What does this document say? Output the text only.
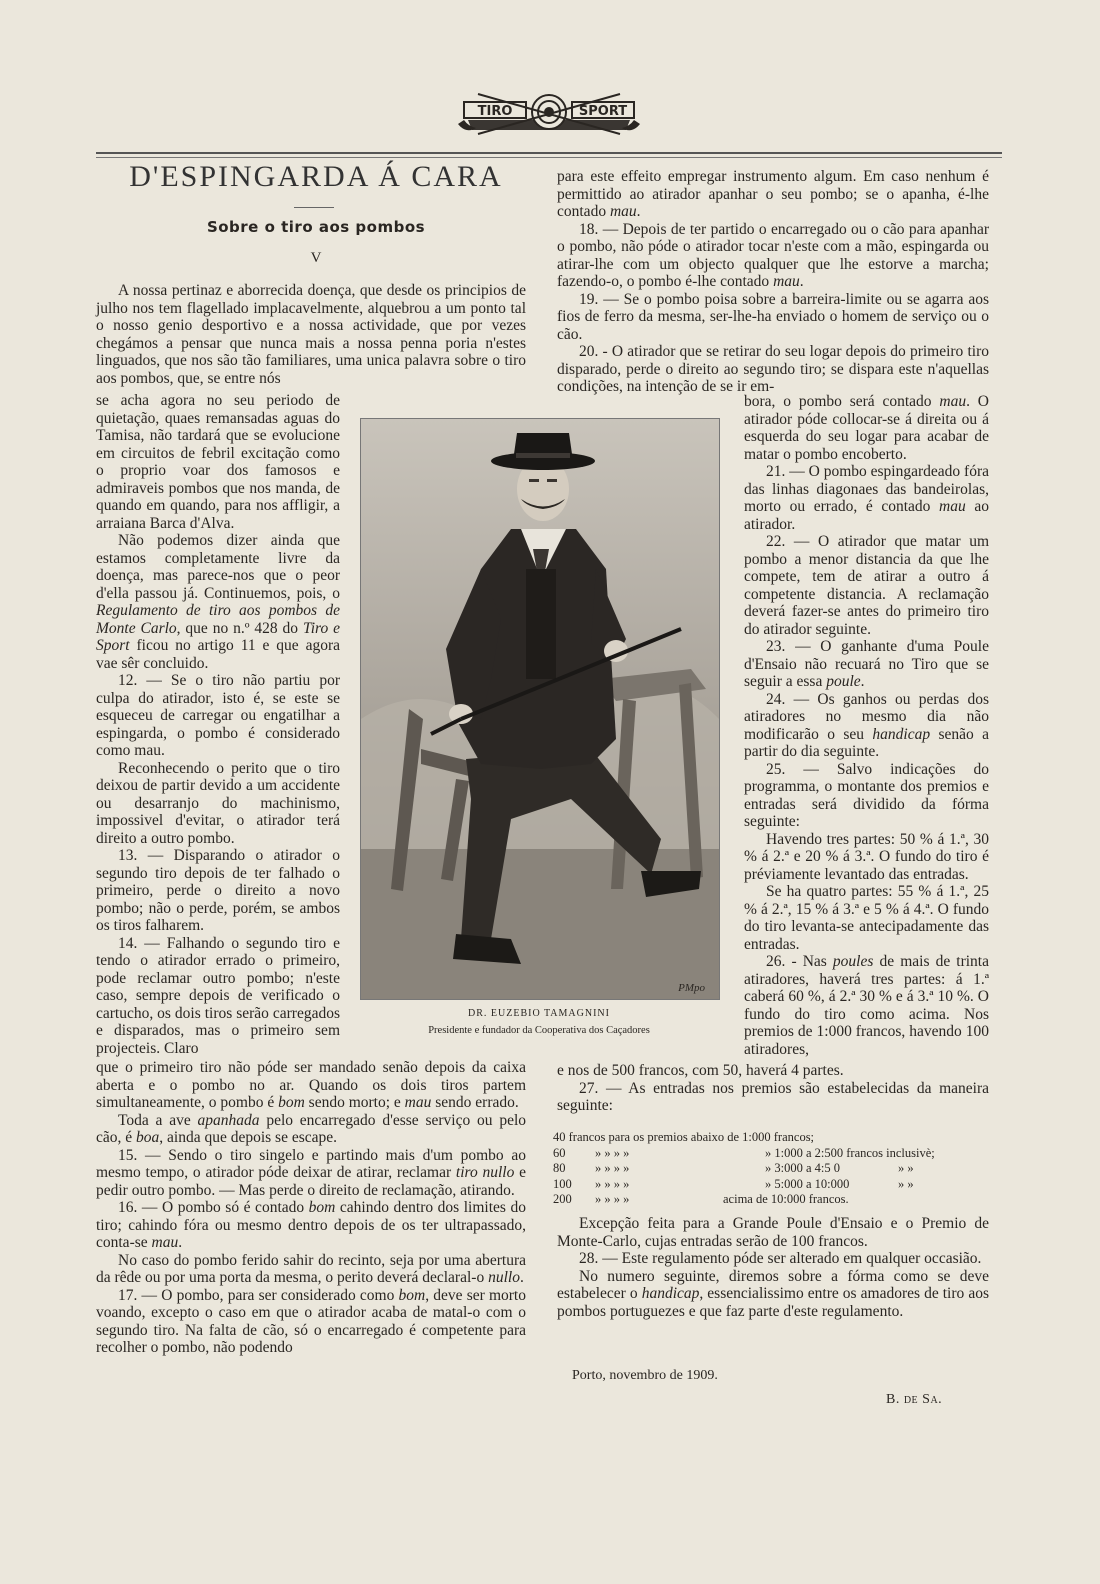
TIRO	SPORT
D'ESPINGARDA Á CARA
Sobre o tiro aos pombos
V

A nossa pertinaz e aborrecida doença, que desde os principios de julho nos tem flagellado implacavelmente, alquebrou a um ponto tal o nosso genio desportivo e a nossa actividade, que por vezes chegámos a pensar que nunca mais a nossa penna poria n'estes linguados, que nos são tão familiares, uma unica palavra sobre o tiro aos pombos, que, se entre nós

se acha agora no seu periodo de quietação, quaes remansadas aguas do Tamisa, não tardará que se evolucione em circuitos de febril excitação como o proprio voar dos famosos e admiraveis pombos que nos manda, de quando em quando, para nos affligir, a arraiana Barca d'Alva.

Não podemos dizer ainda que estamos completamente livre da doença, mas parece-nos que o peor d'ella passou já. Continuemos, pois, o Regulamento de tiro aos pombos de Monte Carlo, que no n.º 428 do Tiro e Sport ficou no artigo 11 e que agora vae sêr concluido.

12. — Se o tiro não partiu por culpa do atirador, isto é, se este se esqueceu de carregar ou engatilhar a espingarda, o pombo é considerado como mau.

Reconhecendo o perito que o tiro deixou de partir devido a um accidente ou desarranjo do machinismo, impossivel d'evitar, o atirador terá direito a outro pombo.

13. — Disparando o atirador o segundo tiro depois de ter falhado o primeiro, perde o direito a novo pombo; não o perde, porém, se ambos os tiros falharem.

14. — Falhando o segundo tiro e tendo o atirador errado o primeiro, pode reclamar outro pombo; n'este caso, sempre depois de verificado o cartucho, os dois tiros serão carregados e disparados, mas o primeiro sem projecteis. Claro

PMpo
DR. EUZEBIO TAMAGNINI
Presidente e fundador da Cooperativa dos Caçadores

que o primeiro tiro não póde ser mandado senão depois da caixa aberta e o pombo no ar. Quando os dois tiros partem simultaneamente, o pombo é bom sendo morto; e mau sendo errado.

Toda a ave apanhada pelo encarregado d'esse serviço ou pelo cão, é boa, ainda que depois se escape.

15. — Sendo o tiro singelo e partindo mais d'um pombo ao mesmo tempo, o atirador póde deixar de atirar, reclamar tiro nullo e pedir outro pombo. — Mas perde o direito de reclamação, atirando.

16. — O pombo só é contado bom cahindo dentro dos limites do tiro; cahindo fóra ou mesmo dentro depois de os ter ultrapassado, conta-se mau.

No caso do pombo ferido sahir do recinto, seja por uma abertura da rêde ou por uma porta da mesma, o perito deverá declaral-o nullo.

17. — O pombo, para ser considerado como bom, deve ser morto voando, excepto o caso em que o atirador acaba de matal-o com o segundo tiro. Na falta de cão, só o encarregado é competente para recolher o pombo, não podendo

para este effeito empregar instrumento algum. Em caso nenhum é permittido ao atirador apanhar o seu pombo; se o apanha, é-lhe contado mau.

18. — Depois de ter partido o encarregado ou o cão para apanhar o pombo, não póde o atirador tocar n'este com a mão, espingarda ou atirar-lhe com um objecto qualquer que lhe estorve a marcha; fazendo-o, o pombo é-lhe contado mau.

19. — Se o pombo poisa sobre a barreira-limite ou se agarra aos fios de ferro da mesma, ser-lhe-ha enviado o homem de serviço ou o cão.

20. - O atirador que se retirar do seu logar depois do primeiro tiro disparado, perde o direito ao segundo tiro; se dispara este n'aquellas condições, na intenção de se ir em-

bora, o pombo será contado mau. O atirador póde collocar-se á direita ou á esquerda do seu logar para acabar de matar o pombo encoberto.

21. — O pombo espingardeado fóra das linhas diagonaes das bandeirolas, morto ou errado, é contado mau ao atirador.

22. — O atirador que matar um pombo a menor distancia da que lhe compete, tem de atirar a outro á competente distancia. A reclamação deverá fazer-se antes do primeiro tiro do atirador seguinte.

23. — O ganhante d'uma Poule d'Ensaio não recuará no Tiro que se seguir a essa poule.

24. — Os ganhos ou perdas dos atiradores no mesmo dia não modificarão o seu handicap senão a partir do dia seguinte.

25. — Salvo indicações do programma, o montante dos premios e entradas será dividido da fórma seguinte:

Havendo tres partes: 50 % á 1.ª, 30 % á 2.ª e 20 % á 3.ª. O fundo do tiro é préviamente levantado das entradas.

Se ha quatro partes: 55 % á 1.ª, 25 % á 2.ª, 15 % á 3.ª e 5 % á 4.ª. O fundo do tiro levanta-se antecipadamente das entradas.

26. - Nas poules de mais de trinta atiradores, haverá tres partes: á 1.ª caberá 60 %, á 2.ª 30 % e á 3.ª 10 %. O fundo do tiro como acima. Nos premios de 1:000 francos, havendo 100 atiradores,

e nos de 500 francos, com 50, haverá 4 partes.

27. — As entradas nos premios são estabelecidas da maneira seguinte:

40 francos para os premios abaixo de 1:000 francos;
60 » » » »	» 1:000 a 2:500 francos inclusivè;
80 » » » »	» 3:000 a 4:5 0	» »
100 » » » »	» 5:000 a 10:000	» »
200 » » » »	acima de 10:000 francos.

Excepção feita para a Grande Poule d'Ensaio e o Premio de Monte-Carlo, cujas entradas serão de 100 francos.

28. — Este regulamento póde ser alterado em qualquer occasião.

No numero seguinte, diremos sobre a fórma como se deve estabelecer o handicap, essencialissimo entre os amadores de tiro aos pombos portuguezes e que faz parte d'este regulamento.

Porto, novembro de 1909.
B. de Sa.
